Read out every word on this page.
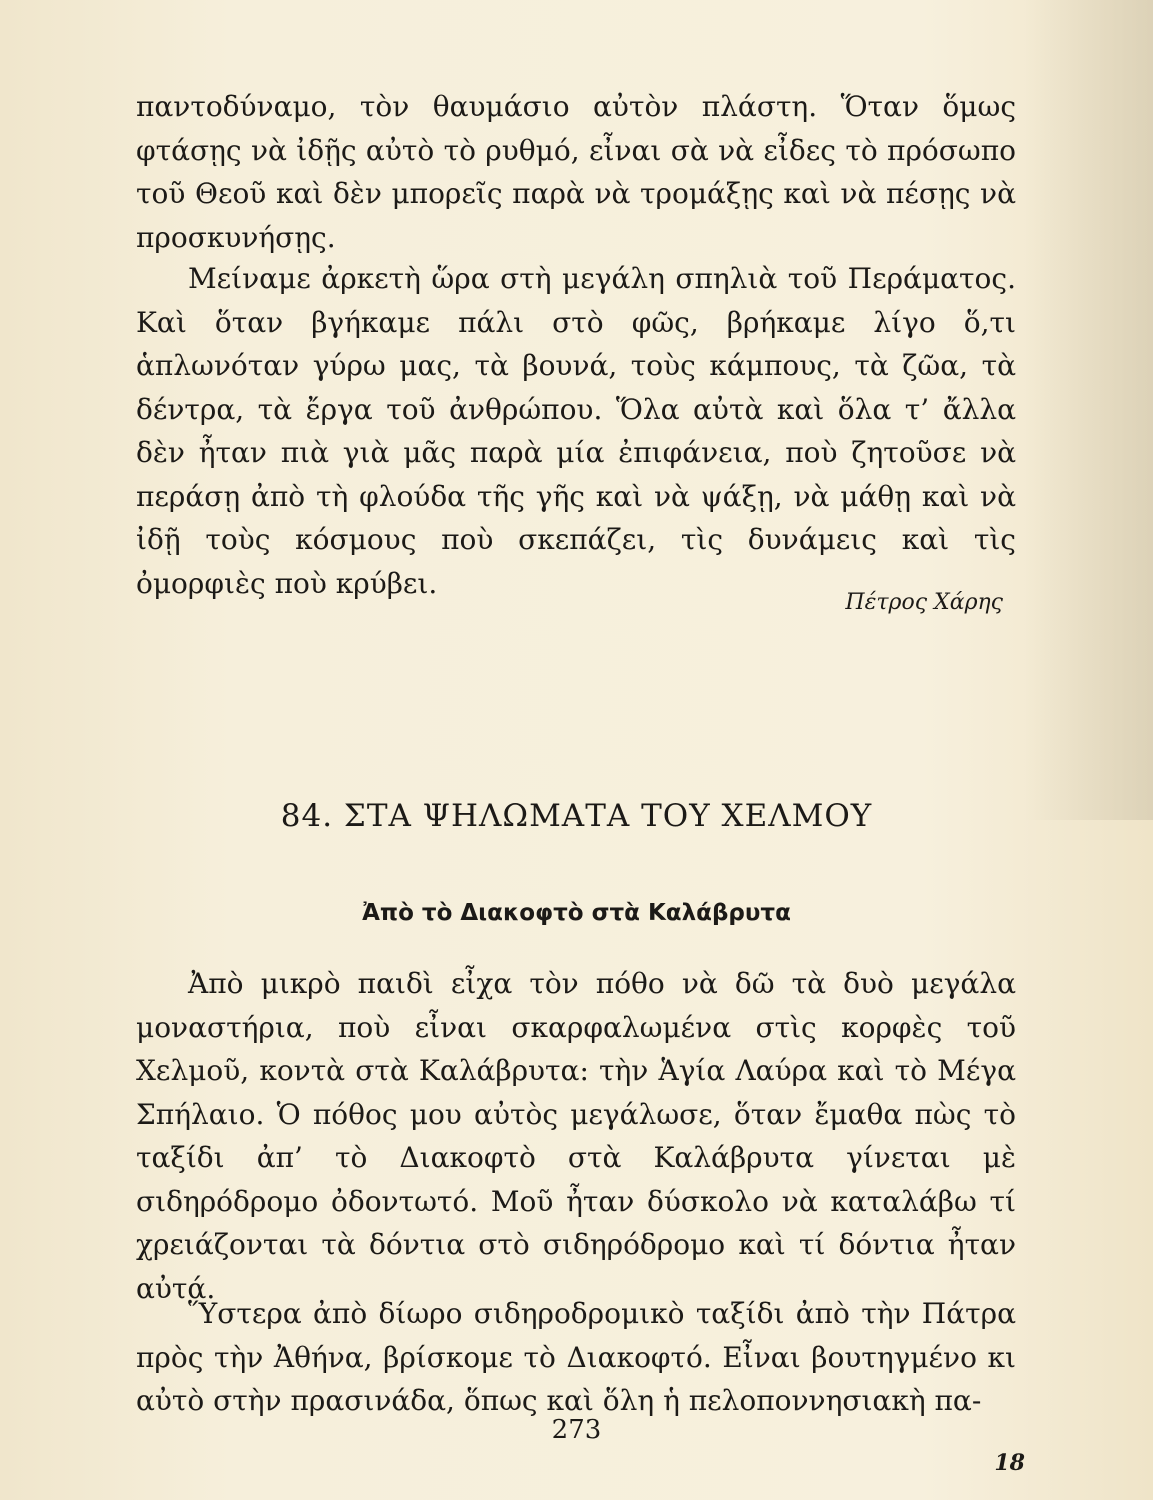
παντοδύναμο, τὸν θαυμάσιο αὐτὸν πλάστη. Ὅταν ὅμως φτάσῃς νὰ ἰδῇς αὐτὸ τὸ ρυθμό, εἶναι σὰ νὰ εἶδες τὸ πρόσωπο τοῦ Θεοῦ καὶ δὲν μπορεῖς παρὰ νὰ τρομάξῃς καὶ νὰ πέσῃς νὰ προσκυνήσῃς.

Μείναμε ἀρκετὴ ὥρα στὴ μεγάλη σπηλιὰ τοῦ Περάματος. Καὶ ὅταν βγήκαμε πάλι στὸ φῶς, βρήκαμε λίγο ὅ,τι ἁπλωνόταν γύρω μας, τὰ βουνά, τοὺς κάμπους, τὰ ζῶα, τὰ δέντρα, τὰ ἔργα τοῦ ἀνθρώπου. Ὅλα αὐτὰ καὶ ὅλα τ’ ἄλλα δὲν ἦταν πιὰ γιὰ μᾶς παρὰ μία ἐπιφάνεια, ποὺ ζητοῦσε νὰ περάσῃ ἀπὸ τὴ φλούδα τῆς γῆς καὶ νὰ ψάξῃ, νὰ μάθῃ καὶ νὰ ἰδῇ τοὺς κόσμους ποὺ σκεπάζει, τὶς δυνάμεις καὶ τὶς ὀμορφιὲς ποὺ κρύβει.

Πέτρος Χάρης
84. ΣΤΑ ΨΗΛΩΜΑΤΑ ΤΟΥ ΧΕΛΜΟΥ
Ἀπὸ τὸ Διακοφτὸ στὰ Καλάβρυτα

Ἀπὸ μικρὸ παιδὶ εἶχα τὸν πόθο νὰ δῶ τὰ δυὸ μεγάλα μοναστήρια, ποὺ εἶναι σκαρφαλωμένα στὶς κορφὲς τοῦ Χελμοῦ, κοντὰ στὰ Καλάβρυτα: τὴν Ἁγία Λαύρα καὶ τὸ Μέγα Σπήλαιο. Ὁ πόθος μου αὐτὸς μεγάλωσε, ὅταν ἔμαθα πὼς τὸ ταξίδι ἀπ’ τὸ Διακοφτὸ στὰ Καλάβρυτα γίνεται μὲ σιδηρόδρομο ὀδοντωτό. Μοῦ ἦταν δύσκολο νὰ καταλάβω τί χρειάζονται τὰ δόντια στὸ σιδηρόδρομο καὶ τί δόντια ἦταν αὐτά.

Ὕστερα ἀπὸ δίωρο σιδηροδρομικὸ ταξίδι ἀπὸ τὴν Πάτρα πρὸς τὴν Ἀθήνα, βρίσκομε τὸ Διακοφτό. Εἶναι βουτηγμένο κι αὐτὸ στὴν πρασινάδα, ὅπως καὶ ὅλη ἡ πελοποννησιακὴ πα-

273
18
